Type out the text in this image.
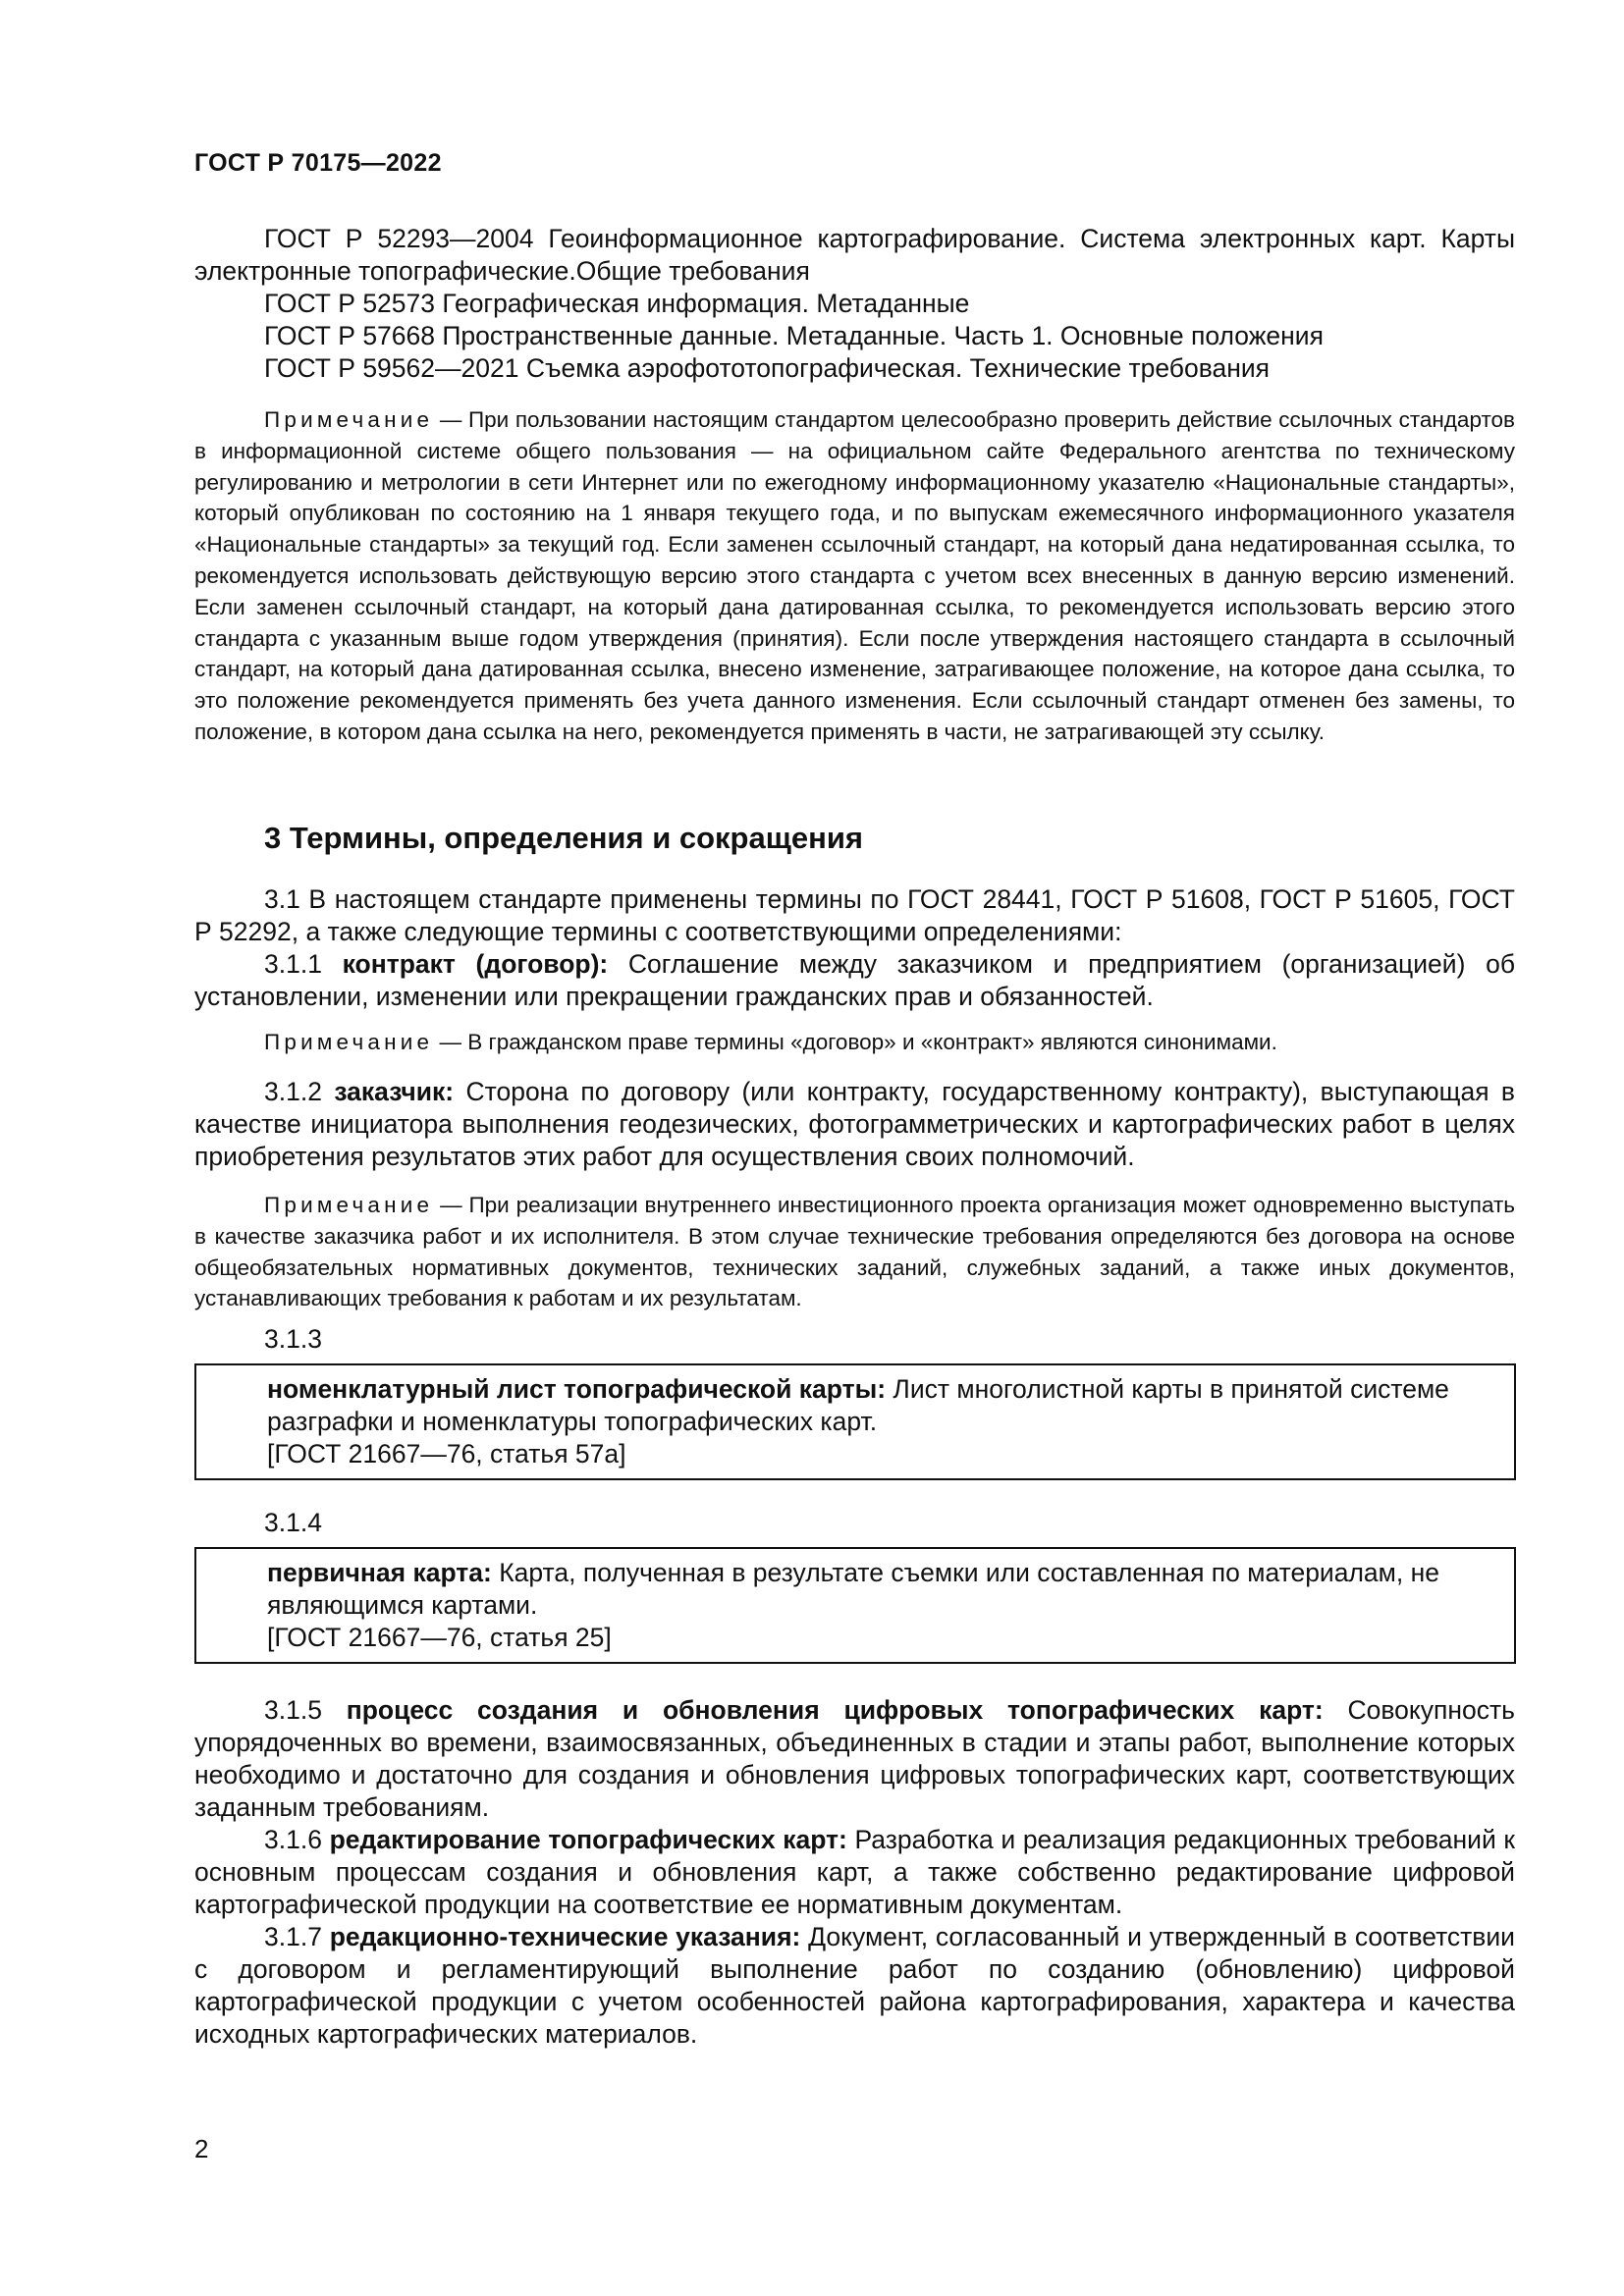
ГОСТ Р 70175—2022

ГОСТ Р 52293—2004 Геоинформационное картографирование. Система электронных карт. Карты электронные топографические.Общие требования

ГОСТ Р 52573 Географическая информация. Метаданные

ГОСТ Р 57668 Пространственные данные. Метаданные. Часть 1. Основные положения

ГОСТ Р 59562—2021 Съемка аэрофототопографическая. Технические требования

Примечание — При пользовании настоящим стандартом целесообразно проверить действие ссылочных стандартов в информационной системе общего пользования — на официальном сайте Федерального агентства по техническому регулированию и метрологии в сети Интернет или по ежегодному информационному указателю «Национальные стандарты», который опубликован по состоянию на 1 января текущего года, и по выпускам ежемесячного информационного указателя «Национальные стандарты» за текущий год. Если заменен ссылочный стандарт, на который дана недатированная ссылка, то рекомендуется использовать действующую версию этого стандарта с учетом всех внесенных в данную версию изменений. Если заменен ссылочный стандарт, на который дана датированная ссылка, то рекомендуется использовать версию этого стандарта с указанным выше годом утверждения (принятия). Если после утверждения настоящего стандарта в ссылочный стандарт, на который дана датированная ссылка, внесено изменение, затрагивающее положение, на которое дана ссылка, то это положение рекомендуется применять без учета данного изменения. Если ссылочный стандарт отменен без замены, то положение, в котором дана ссылка на него, рекомендуется применять в части, не затрагивающей эту ссылку.

3 Термины, определения и сокращения

3.1 В настоящем стандарте применены термины по ГОСТ 28441, ГОСТ Р 51608, ГОСТ Р 51605, ГОСТ Р 52292, а также следующие термины с соответствующими определениями:

3.1.1 контракт (договор): Соглашение между заказчиком и предприятием (организацией) об установлении, изменении или прекращении гражданских прав и обязанностей.

Примечание — В гражданском праве термины «договор» и «контракт» являются синонимами.

3.1.2 заказчик: Сторона по договору (или контракту, государственному контракту), выступающая в качестве инициатора выполнения геодезических, фотограмметрических и картографических работ в целях приобретения результатов этих работ для осуществления своих полномочий.

Примечание — При реализации внутреннего инвестиционного проекта организация может одновременно выступать в качестве заказчика работ и их исполнителя. В этом случае технические требования определяются без договора на основе общеобязательных нормативных документов, технических заданий, служебных заданий, а также иных документов, устанавливающих требования к работам и их результатам.

3.1.3

номенклатурный лист топографической карты: Лист многолистной карты в принятой системе разграфки и номенклатуры топографических карт.

[ГОСТ 21667—76, статья 57а]

3.1.4

первичная карта: Карта, полученная в результате съемки или составленная по материалам, не являющимся картами.

[ГОСТ 21667—76, статья 25]

3.1.5 процесс создания и обновления цифровых топографических карт: Совокупность упорядоченных во времени, взаимосвязанных, объединенных в стадии и этапы работ, выполнение которых необходимо и достаточно для создания и обновления цифровых топографических карт, соответствующих заданным требованиям.

3.1.6 редактирование топографических карт: Разработка и реализация редакционных требований к основным процессам создания и обновления карт, а также собственно редактирование цифровой картографической продукции на соответствие ее нормативным документам.

3.1.7 редакционно-технические указания: Документ, согласованный и утвержденный в соответствии с договором и регламентирующий выполнение работ по созданию (обновлению) цифровой картографической продукции с учетом особенностей района картографирования, характера и качества исходных картографических материалов.

2
